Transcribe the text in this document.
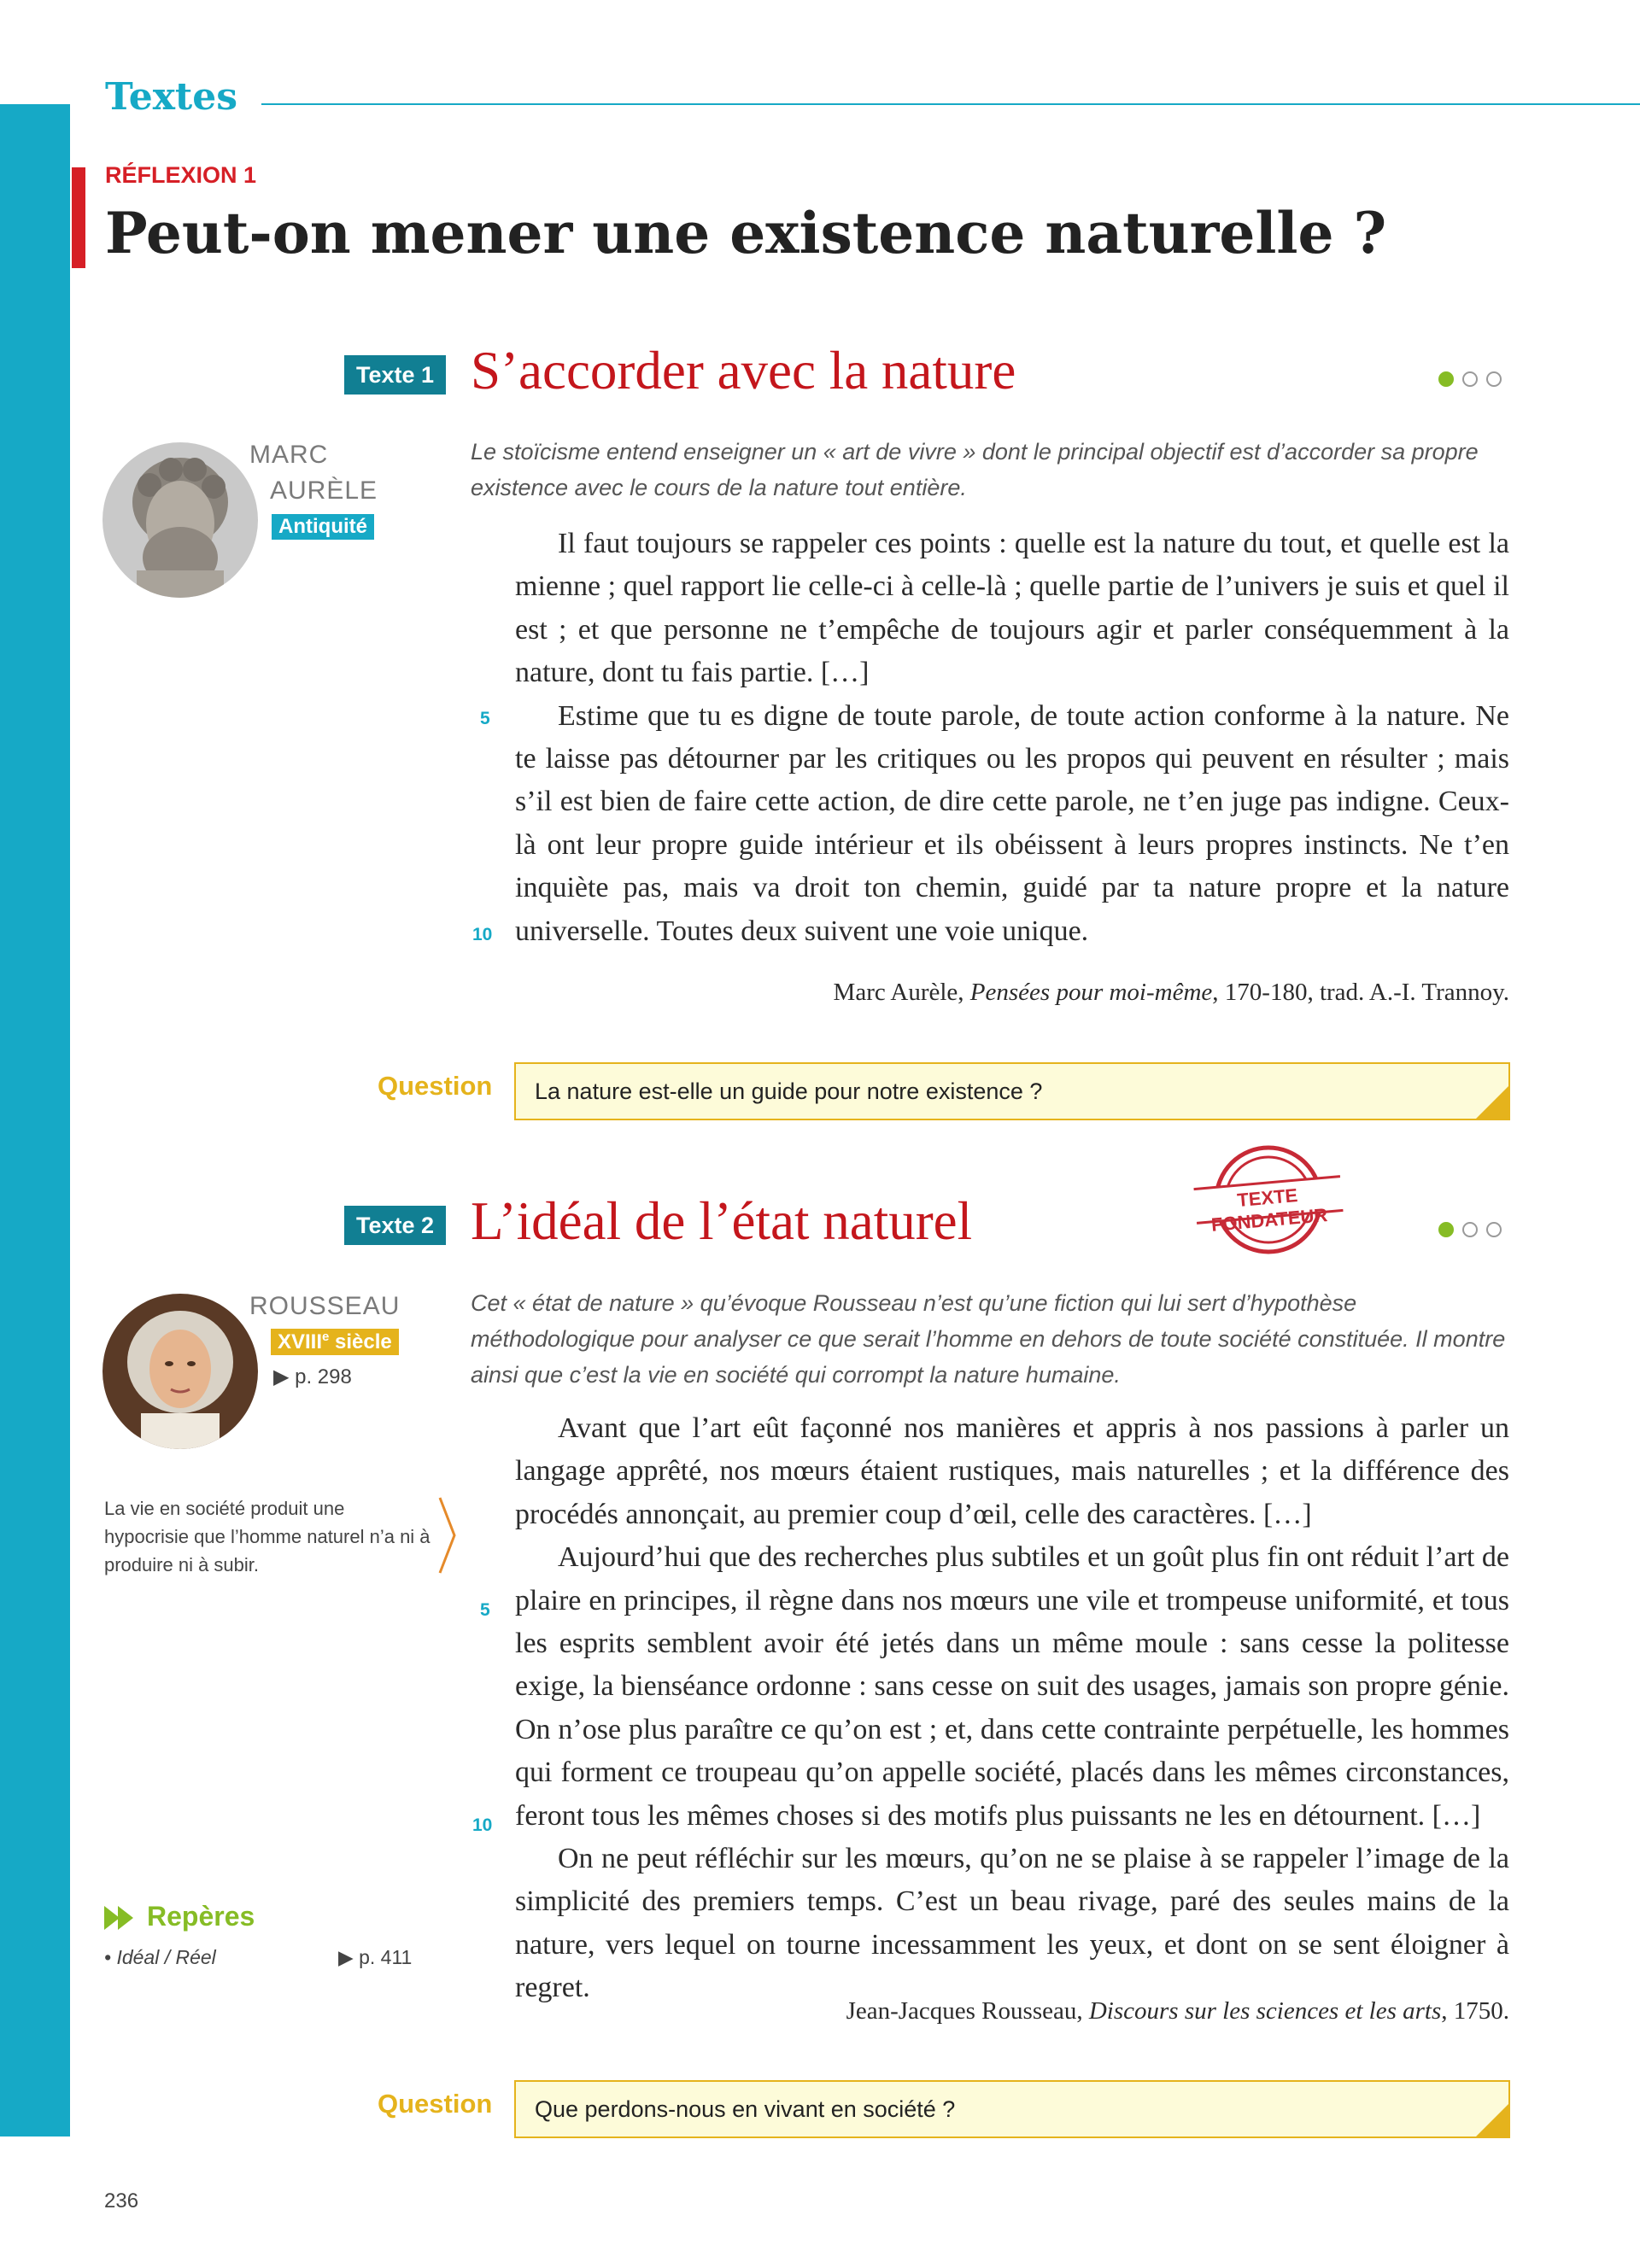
Textes
RÉFLEXION 1
Peut-on mener une existence naturelle ?
Texte 1 S’accorder avec la nature
MARC
AURÈLE
Antiquité
Le stoïcisme entend enseigner un « art de vivre » dont le principal objectif est d’accorder sa propre existence avec le cours de la nature tout entière.

Il faut toujours se rappeler ces points : quelle est la nature du tout, et quelle est la mienne ; quel rapport lie celle-ci à celle-là ; quelle partie de l’univers je suis et quel il est ; et que personne ne t’empêche de toujours agir et parler conséquemment à la nature, dont tu fais partie. […]

Estime que tu es digne de toute parole, de toute action conforme à la nature. Ne te laisse pas détourner par les critiques ou les propos qui peuvent en résulter ; mais s’il est bien de faire cette action, de dire cette parole, ne t’en juge pas indigne. Ceux-là ont leur propre guide intérieur et ils obéissent à leurs propres instincts. Ne t’en inquiète pas, mais va droit ton chemin, guidé par ta nature propre et la nature universelle. Toutes deux suivent une voie unique.

5
10
Marc Aurèle, Pensées pour moi-même, 170-180, trad. A.-I. Trannoy.
Question	La nature est-elle un guide pour notre existence ?
TEXTE FONDATEUR
Texte 2 L’idéal de l’état naturel
ROUSSEAU
XVIIIe siècle
▶ p. 298
Cet « état de nature » qu’évoque Rousseau n’est qu’une fiction qui lui sert d’hypothèse méthodologique pour analyser ce que serait l’homme en dehors de toute société constituée. Il montre ainsi que c’est la vie en société qui corrompt la nature humaine.
La vie en société produit une hypocrisie que l’homme naturel n’a ni à produire ni à subir.

Avant que l’art eût façonné nos manières et appris à nos passions à parler un langage apprêté, nos mœurs étaient rustiques, mais naturelles ; et la différence des procédés annonçait, au premier coup d’œil, celle des caractères. […]

Aujourd’hui que des recherches plus subtiles et un goût plus fin ont réduit l’art de plaire en principes, il règne dans nos mœurs une vile et trompeuse uniformité, et tous les esprits semblent avoir été jetés dans un même moule : sans cesse la politesse exige, la bienséance ordonne : sans cesse on suit des usages, jamais son propre génie. On n’ose plus paraître ce qu’on est ; et, dans cette contrainte perpétuelle, les hommes qui forment ce troupeau qu’on appelle société, placés dans les mêmes circonstances, feront tous les mêmes choses si des motifs plus puissants ne les en détournent. […]

On ne peut réfléchir sur les mœurs, qu’on ne se plaise à se rappeler l’image de la simplicité des premiers temps. C’est un beau rivage, paré des seules mains de la nature, vers lequel on tourne incessamment les yeux, et dont on se sent éloigner à regret.

5
10
Jean-Jacques Rousseau, Discours sur les sciences et les arts, 1750.
Repères
• Idéal / Réel	▶ p. 411
Question	Que perdons-nous en vivant en société ?
236
